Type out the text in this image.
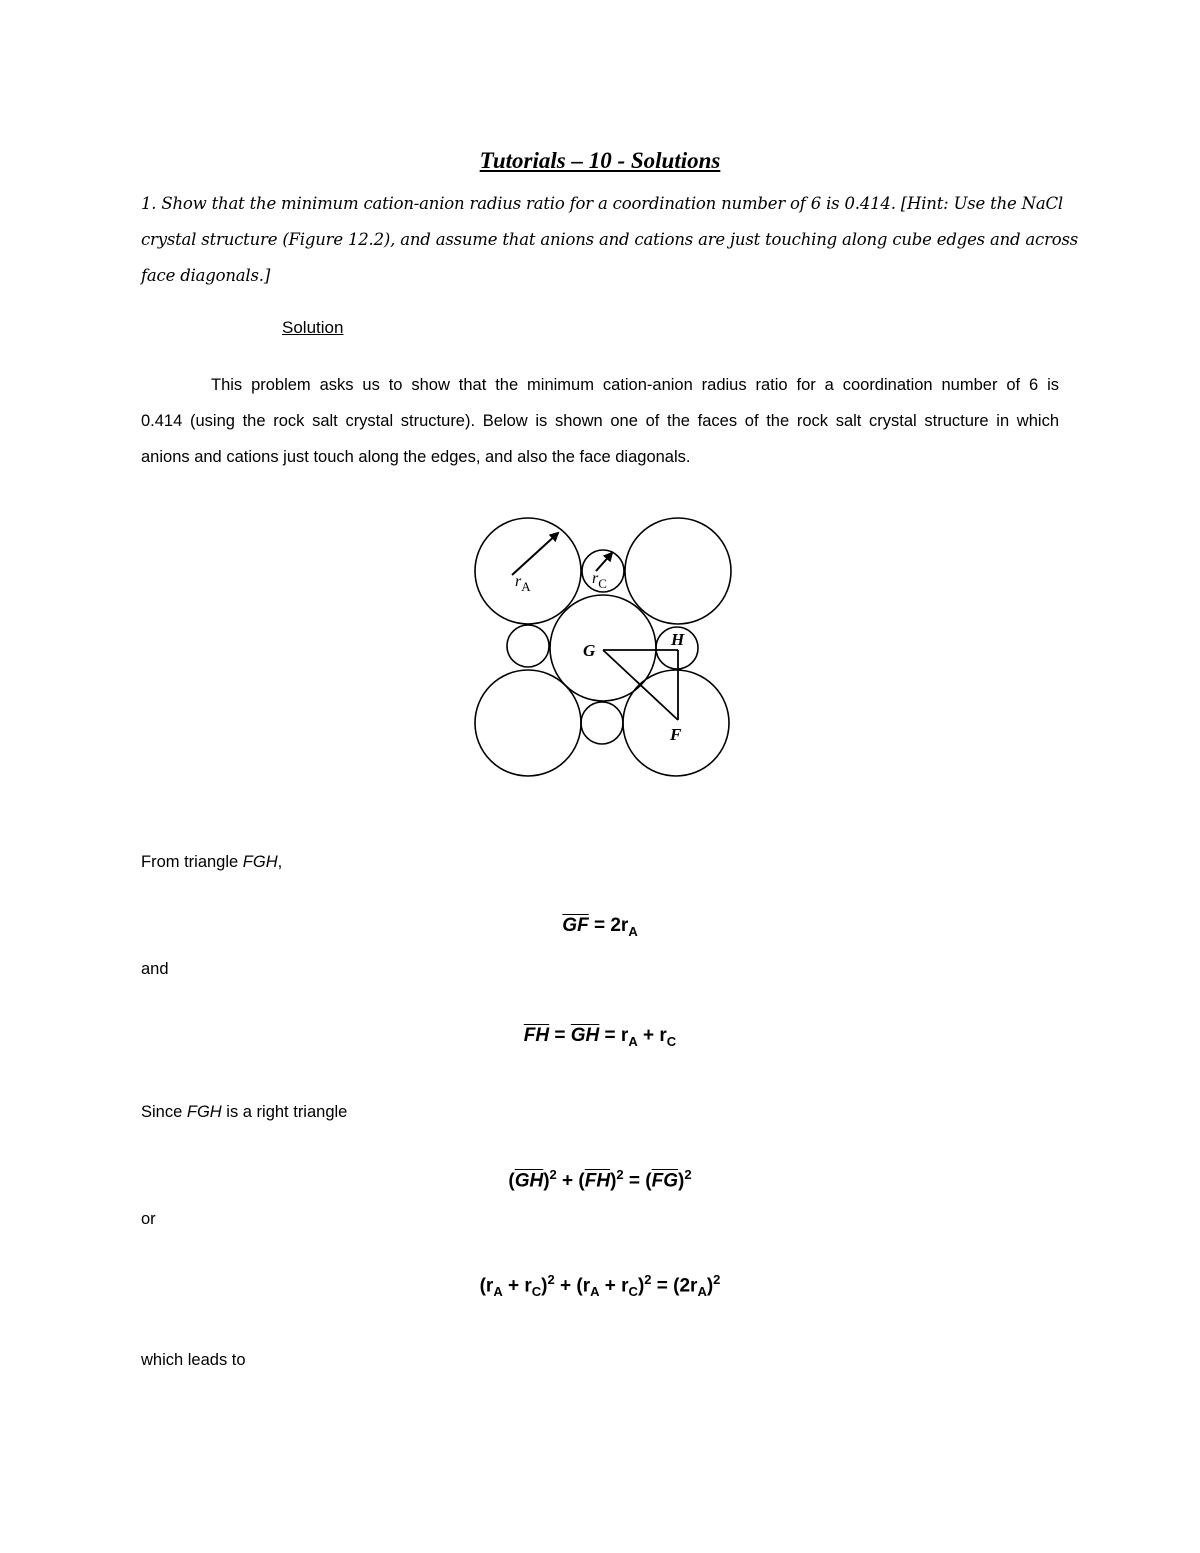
Tutorials – 10 - Solutions
1. Show that the minimum cation-anion radius ratio for a coordination number of 6 is 0.414. [Hint: Use the NaCl
crystal structure (Figure 12.2), and assume that anions and cations are just touching along cube edges and across
face diagonals.]
Solution
This problem asks us to show that the minimum cation-anion radius ratio for a coordination number of 6 is
0.414 (using the rock salt crystal structure). Below is shown one of the faces of the rock salt crystal structure in which
anions and cations just touch along the edges, and also the face diagonals.
$r_A$	$r_C$
G
H
F
From triangle FGH,
$\overline{GF} = 2r_A$
and
$\overline{FH} = \overline{GH} = r_A + r_C$
Since FGH is a right triangle
$(\overline{GH})^2 + (\overline{FH})^2 = (\overline{FG})^2$
or
$(r_A + r_C)^2 + (r_A + r_C)^2 = (2r_A)^2$
which leads to
